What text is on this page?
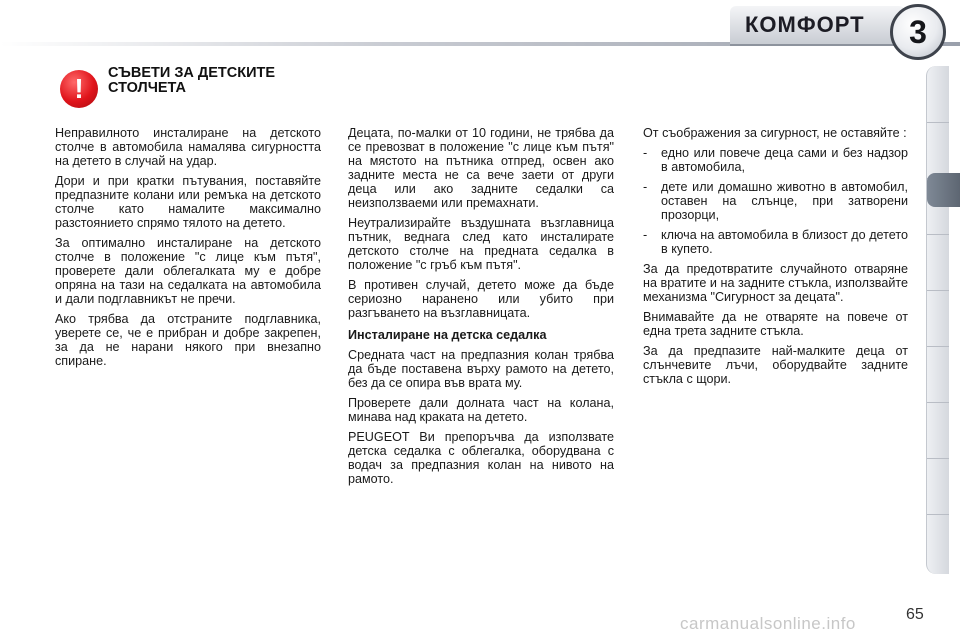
КОМФОРТ	3
!	СЪВЕТИ ЗА ДЕТСКИТЕ СТОЛЧЕТА

Неправилното инсталиране на детското столче в автомобила намалява сигурността на детето в случай на удар.

Дори и при кратки пътувания, поставяйте предпазните колани или ремъка на детското столче като намалите максимално разстоянието спрямо тялото на детето.

За оптимално инсталиране на детското столче в положение "с лице към пътя", проверете дали облегалката му е добре опряна на тази на седалката на автомобила и дали подглавникът не пречи.

Ако трябва да отстраните подглавника, уверете се, че е прибран и добре закрепен, за да не нарани някого при внезапно спиране.

Децата, по-малки от 10 години, не трябва да се превозват в положение "с лице към пътя" на мястото на пътника отпред, освен ако задните места не са вече заети от други деца или ако задните седалки са неизползваеми или премахнати.

Неутрализирайте въздушната възглавница пътник, веднага след като инсталирате детското столче на предната седалка в положение "с гръб към пътя".

В противен случай, детето може да бъде сериозно наранено или убито при разгъването на възглавницата.

Инсталиране на детска седалка

Средната част на предпазния колан трябва да бъде поставена върху рамото на детето, без да се опира във врата му.

Проверете дали долната част на колана, минава над краката на детето.

PEUGEOT Ви препоръчва да използвате детска седалка с облегалка, оборудвана с водач за предпазния колан на нивото на рамото.

От съображения за сигурност, не оставяйте :

-	едно или повече деца сами и без надзор в автомобила,
-	дете или домашно животно в автомобил, оставен на слънце, при затворени прозорци,
-	ключа на автомобила в близост до детето в купето.

За да предотвратите случайното отваряне на вратите и на задните стъкла, използвайте механизма "Сигурност за децата".

Внимавайте да не отваряте на повече от една трета задните стъкла.

За да предпазите най-малките деца от слънчевите лъчи, оборудвайте задните стъкла с щори.

carmanualsonline.info	65
